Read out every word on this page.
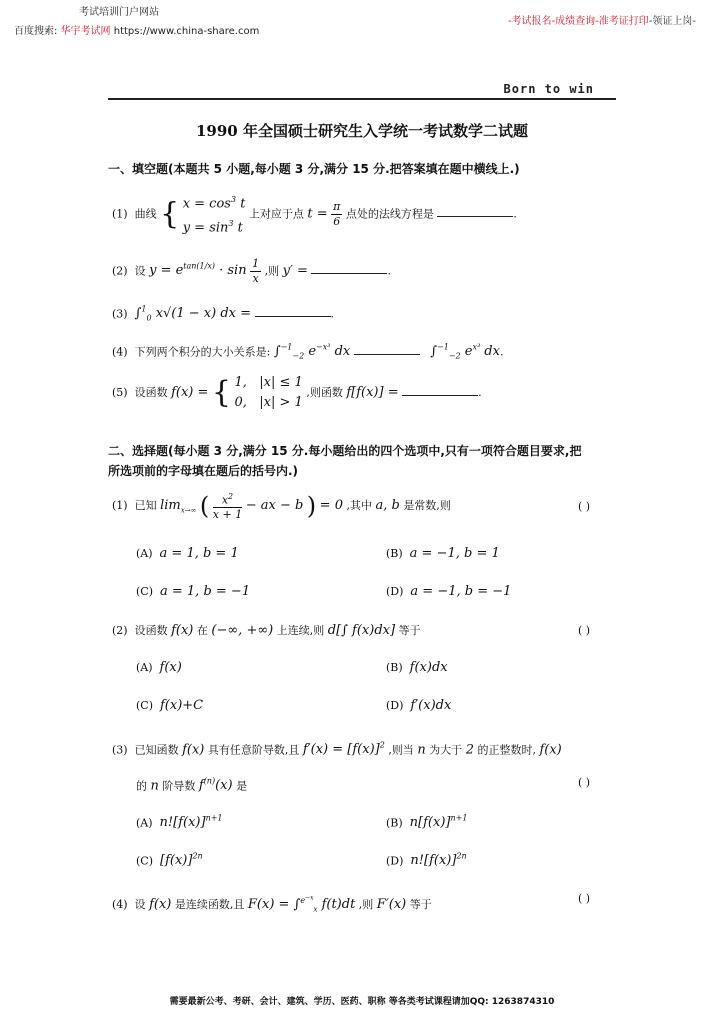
考试培训门户网站
百度搜索: 华宇考试网 https://www.china-share.com
-考试报名-成绩查询-准考证打印-领证上岗-
Born to win
1990 年全国硕士研究生入学统一考试数学二试题
一、填空题(本题共 5 小题,每小题 3 分,满分 15 分.把答案填在题中横线上.)
(1) 曲线 { $x = \cos^3 t$
$y = \sin^3 t$ 上对应于点 $t = \frac{\pi}{6}$ 点处的法线方程是	.
(2) 设 $y = e^{tan(1/x)} \cdot \sin \frac{1}{x}$ ,则 y′ =	.
(3) ∫$^1_0$ x√(1 − x) dx =	.
(4) 下列两个积分的大小关系是: ∫$^{-1}_{-2}$ $e^{-x^3}$ dx	∫$^{-1}_{-2}$ $e^{x^3}$ dx.
(5) 设函数 f(x) = { 1,   |x| ≤ 1
0,   |x| > 1 ,则函数 f[f(x)] =	.
二、选择题(每小题 3 分,满分 15 分.每小题给出的四个选项中,只有一项符合题目要求,把
所选项前的字母填在题后的括号内.)
(1) 已知 $\lim_{x\to\infty}$ ( $\frac{x^2}{x + 1}$ − ax − b ) = 0 ,其中 a, b 是常数,则	( )
(A) a = 1, b = 1	(B) a = −1, b = 1
(C) a = 1, b = −1	(D) a = −1, b = −1
(2) 设函数 f(x) 在 (−∞, +∞) 上连续,则 d[∫ f(x)dx] 等于	( )
(A) f(x)	(B) f(x)dx
(C) f(x)+C	(D) f′(x)dx
(3) 已知函数 f(x) 具有任意阶导数,且 $f'(x) = [f(x)]^2$ ,则当 n 为大于 2 的正整数时, f(x)
的 n 阶导数 $f^{(n)}(x)$ 是	( )
(A) $n![f(x)]^{n+1}$	(B) $n[f(x)]^{n+1}$
(C) $[f(x)]^{2n}$	(D) $n![f(x)]^{2n}$
(4) 设 f(x) 是连续函数,且 F(x) = ∫$^{e^{-x}}_x$ f(t)dt ,则 F′(x) 等于	( )
需要最新公考、考研、会计、建筑、学历、医药、职称 等各类考试课程请加QQ: 1263874310
